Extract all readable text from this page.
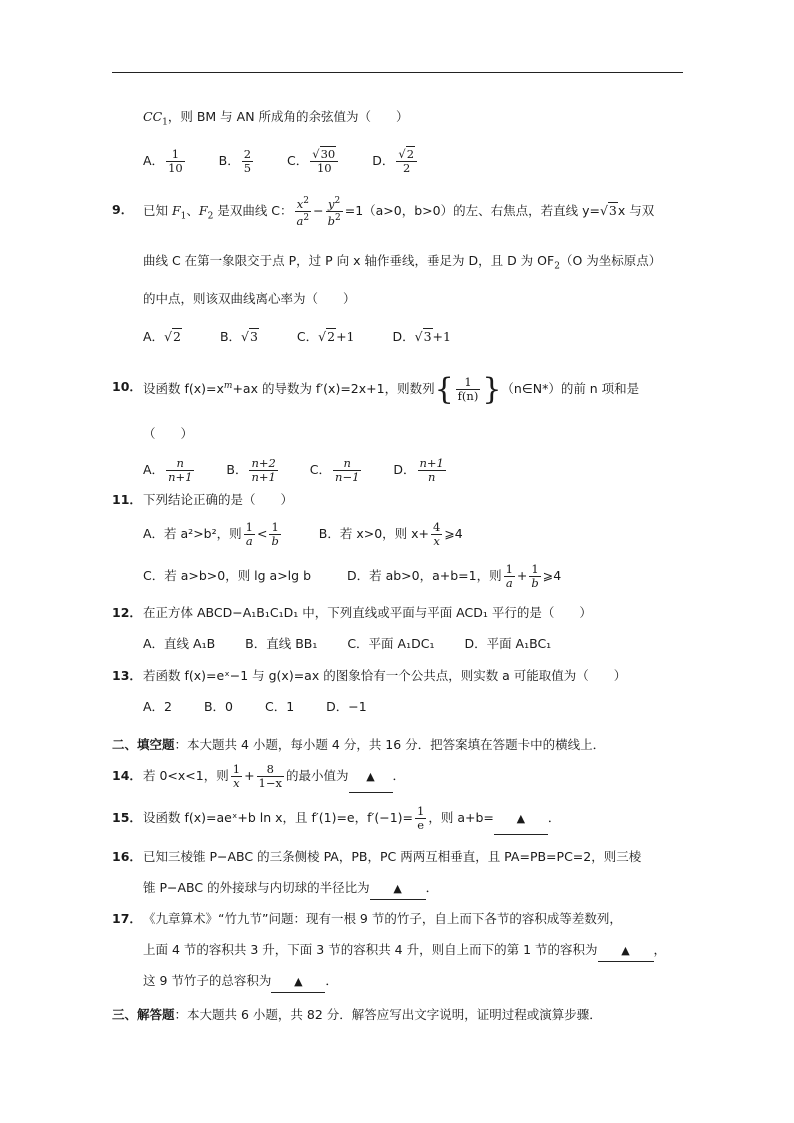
$CC_1$，则 BM 与 AN 所成角的余弦值为（　　）
A． $\frac{1}{10}$	B． $\frac{2}{5}$	C． $\frac{√30}{10}$	D． $\frac{√2}{2}$
9． 已知 $F_1$、$F_2$ 是双曲线 C： $\frac{x^2}{a^2} - \frac{y^2}{b^2} =1(a>0$，b>0）的左、右焦点，若直线 y=√3x 与双
曲线 C 在第一象限交于点 P，过 P 向 x 轴作垂线，垂足为 D，且 D 为 $OF_2(O$ 为坐标原点）
的中点，则该双曲线离心率为（　　）
A．√2	B．√3	C．√2+1	D．√3+1
10． 设函数 $f(x)=x^m+ax$ 的导数为 f′(x)=2x+1，则数列{ $\frac{1}{f(n)}$ }（n∈N*）的前 n 项和是
（　　）
A． $\frac{n}{n+1}$	B． $\frac{n+2}{n+1}$	C． $\frac{n}{n-1}$	D． $\frac{n+1}{n}$
11． 下列结论正确的是（　　）
A．若 a²>b²，则 $\frac{1}{a} < \frac{1}{b}$	B．若 x>0，则 $x+ \frac{4}{x}$ ⩾4
C．若 a>b>0，则 lg a>lg b	D．若 ab>0，a+b=1，则 $\frac{1}{a} + \frac{1}{b}$ ⩾4
12． 在正方体 ABCD−A₁B₁C₁D₁ 中，下列直线或平面与平面 ACD₁ 平行的是（　　）
A．直线 A₁B B．直线 BB₁ C．平面 A₁DC₁ D．平面 A₁BC₁
13． 若函数 f(x)=eˣ−1 与 g(x)=ax 的图象恰有一个公共点，则实数 a 可能取值为（　　）
A．2	B．0	C．1	D．−1
二、填空题：本大题共 4 小题，每小题 4 分，共 16 分．把答案填在答题卡中的横线上．
14． 若 0<x<1，则 $\frac{1}{x} + \frac{8}{1-x}$ 的最小值为 ▲ ．
15． 设函数 f(x)=aeˣ+b ln x，且 f′(1)=e，$f'(-1)= \frac{1}{e}$ ，则 a+b= ▲ ．
16． 已知三棱锥 P−ABC 的三条侧棱 PA，PB，PC 两两互相垂直，且 PA=PB=PC=2，则三棱
锥 P−ABC 的外接球与内切球的半径比为 ▲ ．
17． 《九章算术》“竹九节”问题：现有一根 9 节的竹子，自上而下各节的容积成等差数列，
上面 4 节的容积共 3 升，下面 3 节的容积共 4 升，则自上而下的第 1 节的容积为 ▲ ，
这 9 节竹子的总容积为 ▲ ．
三、解答题：本大题共 6 小题，共 82 分．解答应写出文字说明，证明过程或演算步骤．
